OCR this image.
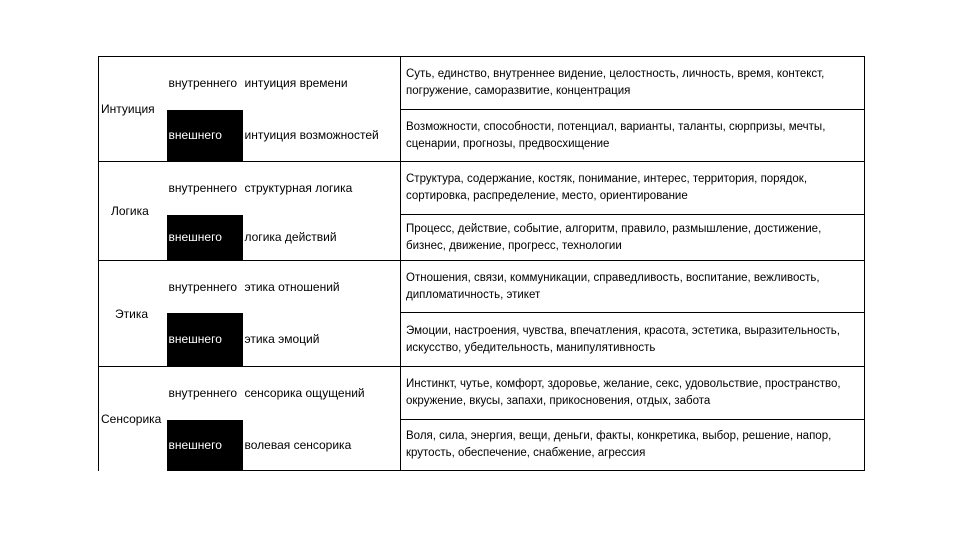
Интуиция	внутреннего	интуиция времени	Суть, единство, внутреннее видение, целостность, личность, время, контекст, погружение, саморазвитие, концентрация
	внешнего	интуиция возможностей	Возможности, способности, потенциал, варианты, таланты, сюрпризы, мечты, сценарии, прогнозы, предвосхищение
Логика	внутреннего	структурная логика	Структура, содержание, костяк, понимание, интерес, территория, порядок, сортировка, распределение, место, ориентирование
	внешнего	логика действий	Процесс, действие, событие, алгоритм, правило, размышление, достижение, бизнес, движение, прогресс, технологии
Этика	внутреннего	этика отношений	Отношения, связи, коммуникации, справедливость, воспитание, вежливость, дипломатичность, этикет
	внешнего	этика эмоций	Эмоции, настроения, чувства, впечатления, красота, эстетика, выразительность, искусство, убедительность, манипулятивность
Сенсорика	внутреннего	сенсорика ощущений	Инстинкт, чутье, комфорт, здоровье, желание, секс, удовольствие, пространство, окружение, вкусы, запахи, прикосновения, отдых, забота
	внешнего	волевая сенсорика	Воля, сила, энергия, вещи, деньги, факты, конкретика, выбор, решение, напор, крутость, обеспечение, снабжение, агрессия
